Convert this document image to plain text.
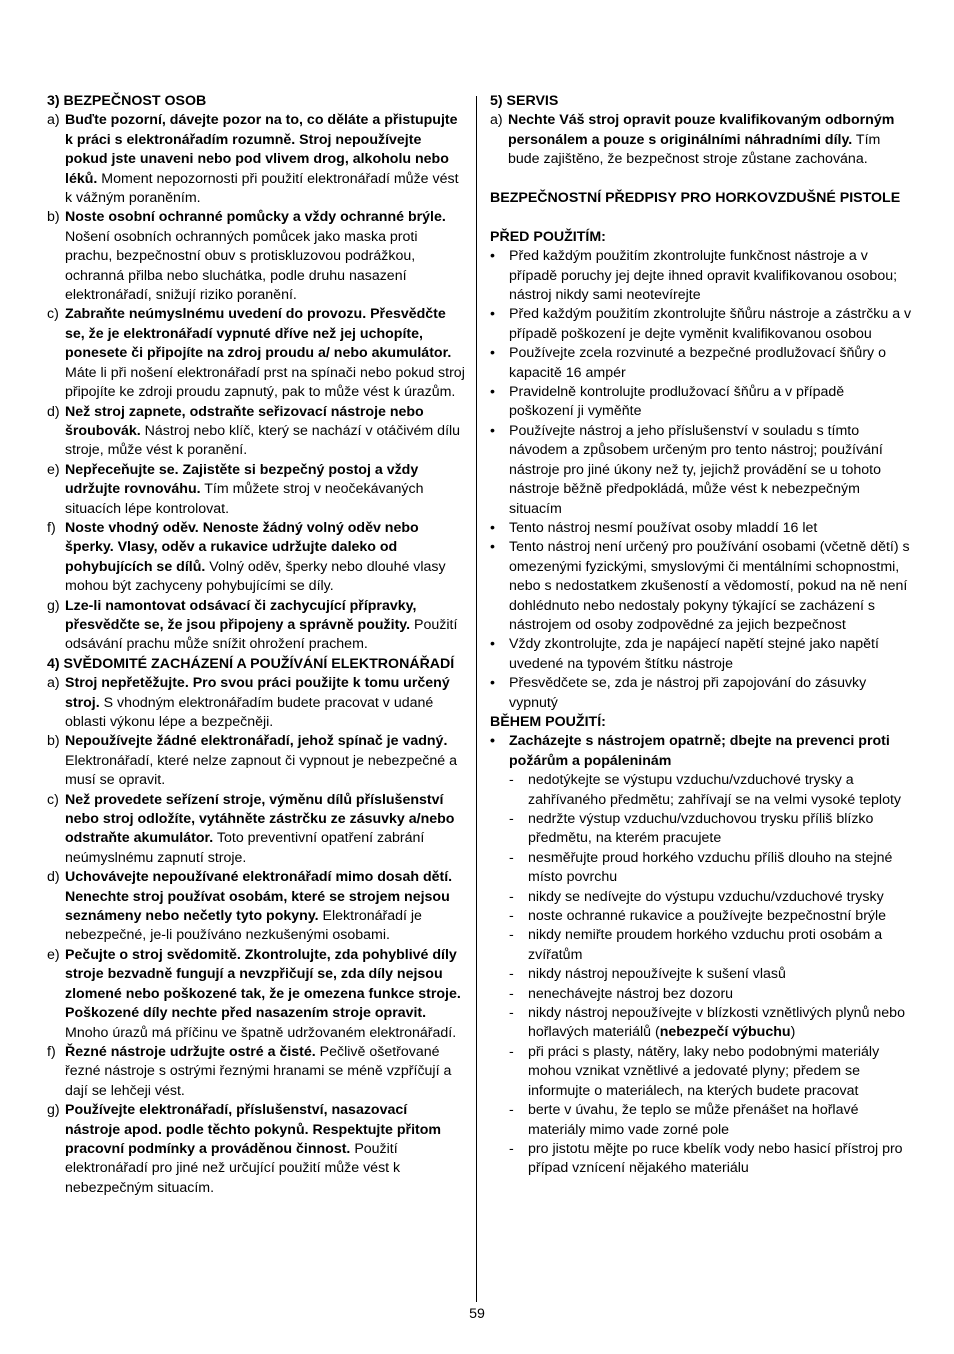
3) BEZPEČNOST OSOB

a) Buďte pozorní, dávejte pozor na to, co děláte a přistupujte k práci s elektronářadím rozumně. Stroj nepoužívejte pokud jste unaveni nebo pod vlivem drog, alkoholu nebo léků. Moment nepozornosti při použití elektronářadí může vést k vážným poraněním.
b) Noste osobní ochranné pomůcky a vždy ochranné brýle. Nošení osobních ochranných pomůcek jako maska proti prachu, bezpečnostní obuv s protiskluzovou podrážkou, ochranná přilba nebo sluchátka, podle druhu nasazení elektronářadí, snižují riziko poranění.
c) Zabraňte neúmyslnému uvedení do provozu. Přesvědčte se, že je elektronářadí vypnuté dříve než jej uchopíte, ponesete či připojíte na zdroj proudu a/ nebo akumulátor. Máte li při nošení elektronářadí prst na spínači nebo pokud stroj připojíte ke zdroji proudu zapnutý, pak to může vést k úrazům.
d) Než stroj zapnete, odstraňte seřizovací nástroje nebo šroubovák. Nástroj nebo klíč, který se nachází v otáčivém dílu stroje, může vést k poranění.
e) Nepřeceňujte se. Zajistěte si bezpečný postoj a vždy udržujte rovnováhu. Tím můžete stroj v neočekávaných situacích lépe kontrolovat.
f) Noste vhodný oděv. Nenoste žádný volný oděv nebo šperky. Vlasy, oděv a rukavice udržujte daleko od pohybujících se dílů. Volný oděv, šperky nebo dlouhé vlasy mohou být zachyceny pohybujícími se díly.
g) Lze-li namontovat odsávací či zachycující přípravky, přesvědčte se, že jsou připojeny a správně použity. Použití odsávání prachu může snížit ohrožení prachem.

4) SVĚDOMITÉ ZACHÁZENÍ A POUŽÍVÁNÍ ELEKTRONÁŘADÍ

a) Stroj nepřetěžujte. Pro svou práci použijte k tomu určený stroj. S vhodným elektronářadím budete pracovat v udané oblasti výkonu lépe a bezpečněji.
b) Nepoužívejte žádné elektronářadí, jehož spínač je vadný. Elektronářadí, které nelze zapnout či vypnout je nebezpečné a musí se opravit.
c) Než provedete seřízení stroje, výměnu dílů příslušenství nebo stroj odložíte, vytáhněte zástrčku ze zásuvky a/nebo odstraňte akumulátor. Toto preventivní opatření zabrání neúmyslnému zapnutí stroje.
d) Uchovávejte nepoužívané elektronářadí mimo dosah dětí. Nenechte stroj používat osobám, které se strojem nejsou seznámeny nebo nečetly tyto pokyny. Elektronářadí je nebezpečné, je-li používáno nezkušenými osobami.
e) Pečujte o stroj svědomitě. Zkontrolujte, zda pohyblivé díly stroje bezvadně fungují a nevzpřičují se, zda díly nejsou zlomené nebo poškozené tak, že je omezena funkce stroje. Poškozené díly nechte před nasazením stroje opravit. Mnoho úrazů má příčinu ve špatně udržovaném elektronářadí.
f) Řezné nástroje udržujte ostré a čisté. Pečlivě ošetřované řezné nástroje s ostrými řeznými hranami se méně vzpříčují a dají se lehčeji vést.
g) Používejte elektronářadí, příslušenství, nasazovací nástroje apod. podle těchto pokynů. Respektujte přitom pracovní podmínky a prováděnou činnost. Použití elektronářadí pro jiné než určující použití může vést k nebezpečným situacím.

5) SERVIS

a) Nechte Váš stroj opravit pouze kvalifikovaným odborným personálem a pouze s originálními náhradními díly. Tím bude zajištěno, že bezpečnost stroje zůstane zachována.

BEZPEČNOSTNÍ PŘEDPISY PRO HORKOVZDUŠNÉ PISTOLE

PŘED POUŽITÍM:

• Před každým použitím zkontrolujte funkčnost nástroje a v případě poruchy jej dejte ihned opravit kvalifikovanou osobou; nástroj nikdy sami neotevírejte

• Před každým použitím zkontrolujte šňůru nástroje a zástrčku a v případě poškození je dejte vyměnit kvalifikovanou osobou

• Používejte zcela rozvinuté a bezpečné prodlužovací šňůry o kapacitě 16 ampér

• Pravidelně kontrolujte prodlužovací šňůru a v případě poškození ji vyměňte

• Používejte nástroj a jeho příslušenství v souladu s tímto návodem a způsobem určeným pro tento nástroj; používání nástroje pro jiné úkony než ty, jejichž provádění se u tohoto nástroje běžně předpokládá, může vést k nebezpečným situacím

• Tento nástroj nesmí používat osoby mladdí 16 let

• Tento nástroj není určený pro používání osobami (včetně dětí) s omezenými fyzickými, smyslovými či mentálními schopnostmi, nebo s nedostatkem zkušeností a vědomostí, pokud na ně není dohlédnuto nebo nedostaly pokyny týkající se zacházení s nástrojem od osoby zodpovědné za jejich bezpečnost

• Vždy zkontrolujte, zda je napájecí napětí stejné jako napětí uvedené na typovém štítku nástroje

• Přesvědčete se, zda je nástroj při zapojování do zásuvky vypnutý

BĚHEM POUŽITÍ:

• Zacházejte s nástrojem opatrně; dbejte na prevenci proti požárům a popáleninám

- nedotýkejte se výstupu vzduchu/vzduchové trysky a zahřívaného předmětu; zahřívají se na velmi vysoké teploty

- nedržte výstup vzduchu/vzduchovou trysku příliš blízko předmětu, na kterém pracujete

- nesměřujte proud horkého vzduchu příliš dlouho na stejné místo povrchu

- nikdy se nedívejte do výstupu vzduchu/vzduchové trysky

- noste ochranné rukavice a používejte bezpečnostní brýle

- nikdy nemiřte proudem horkého vzduchu proti osobám a zvířatům

- nikdy nástroj nepoužívejte k sušení vlasů

- nenechávejte nástroj bez dozoru

- nikdy nástroj nepoužívejte v blízkosti vznětlivých plynů nebo hořlavých materiálů (nebezpečí výbuchu)

- při práci s plasty, nátěry, laky nebo podobnými materiály mohou vznikat vznětlivé a jedovaté plyny; předem se informujte o materiálech, na kterých budete pracovat

- berte v úvahu, že teplo se může přenášet na hořlavé materiály mimo vade zorné pole

- pro jistotu mějte po ruce kbelík vody nebo hasicí přístroj pro případ vznícení nějakého materiálu

59
